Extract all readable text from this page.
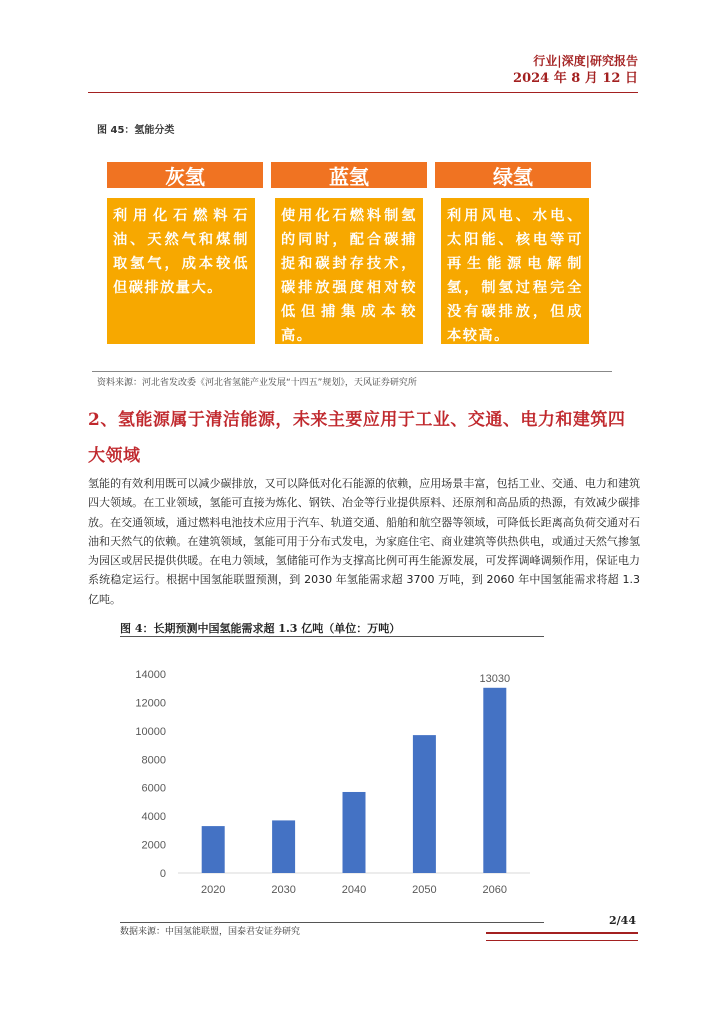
行业|深度|研究报告
2024 年 8 月 12 日
图 45：氢能分类
灰氢	蓝氢	绿氢
利用化石燃料石油、天然气和煤制取氢气，成本较低但碳排放量大。
使用化石燃料制氢的同时，配合碳捕捉和碳封存技术，碳排放强度相对较低但捕集成本较高。
利用风电、水电、太阳能、核电等可再生能源电解制氢，制氢过程完全没有碳排放，但成本较高。
资料来源：河北省发改委《河北省氢能产业发展“十四五”规划》，天风证券研究所
2、氢能源属于清洁能源，未来主要应用于工业、交通、电力和建筑四大领域
氢能的有效利用既可以减少碳排放，又可以降低对化石能源的依赖，应用场景丰富，包括工业、交通、电力和建筑四大领域。在工业领域，氢能可直接为炼化、钢铁、冶金等行业提供原料、还原剂和高品质的热源，有效减少碳排放。在交通领域，通过燃料电池技术应用于汽车、轨道交通、船舶和航空器等领域，可降低长距离高负荷交通对石油和天然气的依赖。在建筑领域，氢能可用于分布式发电，为家庭住宅、商业建筑等供热供电，或通过天然气掺氢为园区或居民提供供暖。在电力领域，氢储能可作为支撑高比例可再生能源发展，可发挥调峰调频作用，保证电力系统稳定运行。根据中国氢能联盟预测，到 2030 年氢能需求超 3700 万吨，到 2060 年中国氢能需求将超 1.3 亿吨。
图 4：长期预测中国氢能需求超 1.3 亿吨（单位：万吨）
0
2000
4000
6000
8000
10000
12000
14000
2020	2030	2040	2050	2060
13030
数据来源：中国氢能联盟，国泰君安证券研究
2/44
